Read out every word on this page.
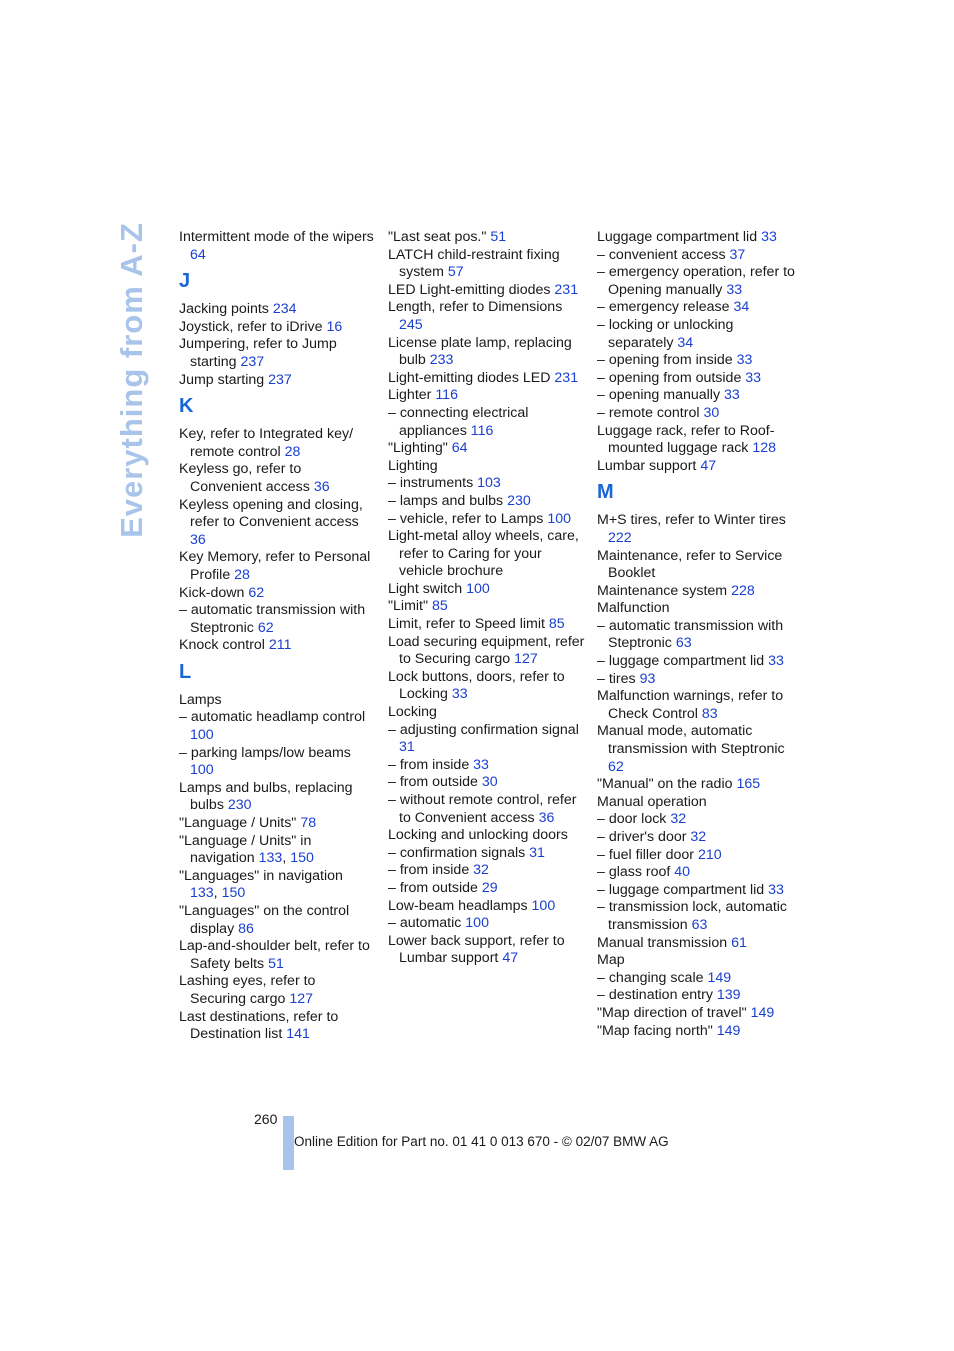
Everything from A-Z Intermittent mode of the wipers 64
J
Jacking points 234
Joystick, refer to iDrive 16
Jumpering, refer to Jump starting 237
Jump starting 237
K
Key, refer to Integrated key/ remote control 28
Keyless go, refer to Convenient access 36
Keyless opening and closing, refer to Convenient access 36
Key Memory, refer to Personal Profile 28
Kick-down 62
– automatic transmission with Steptronic 62
Knock control 211
L
Lamps
– automatic headlamp control 100
– parking lamps/low beams 100
Lamps and bulbs, replacing bulbs 230
"Language / Units" 78
"Language / Units" in navigation 133, 150
"Languages" in navigation 133, 150
"Languages" on the control display 86
Lap-and-shoulder belt, refer to Safety belts 51
Lashing eyes, refer to Securing cargo 127
Last destinations, refer to Destination list 141
"Last seat pos." 51
LATCH child-restraint fixing system 57
LED Light-emitting diodes 231
Length, refer to Dimensions 245
License plate lamp, replacing bulb 233
Light-emitting diodes LED 231
Lighter 116
– connecting electrical appliances 116
"Lighting" 64
Lighting
– instruments 103
– lamps and bulbs 230
– vehicle, refer to Lamps 100
Light-metal alloy wheels, care, refer to Caring for your vehicle brochure
Light switch 100
"Limit" 85
Limit, refer to Speed limit 85
Load securing equipment, refer to Securing cargo 127
Lock buttons, doors, refer to Locking 33
Locking
– adjusting confirmation signal 31
– from inside 33
– from outside 30
– without remote control, refer to Convenient access 36
Locking and unlocking doors
– confirmation signals 31
– from inside 32
– from outside 29
Low-beam headlamps 100
– automatic 100
Lower back support, refer to Lumbar support 47
Luggage compartment lid 33
– convenient access 37
– emergency operation, refer to Opening manually 33
– emergency release 34
– locking or unlocking separately 34
– opening from inside 33
– opening from outside 33
– opening manually 33
– remote control 30
Luggage rack, refer to Roof-mounted luggage rack 128
Lumbar support 47
M
M+S tires, refer to Winter tires 222
Maintenance, refer to Service Booklet
Maintenance system 228
Malfunction
– automatic transmission with Steptronic 63
– luggage compartment lid 33
– tires 93
Malfunction warnings, refer to Check Control 83
Manual mode, automatic transmission with Steptronic 62
"Manual" on the radio 165
Manual operation
– door lock 32
– driver's door 32
– fuel filler door 210
– glass roof 40
– luggage compartment lid 33
– transmission lock, automatic transmission 63
Manual transmission 61
Map
– changing scale 149
– destination entry 139
"Map direction of travel" 149
"Map facing north" 149
260
Online Edition for Part no. 01 41 0 013 670 - © 02/07 BMW AG
